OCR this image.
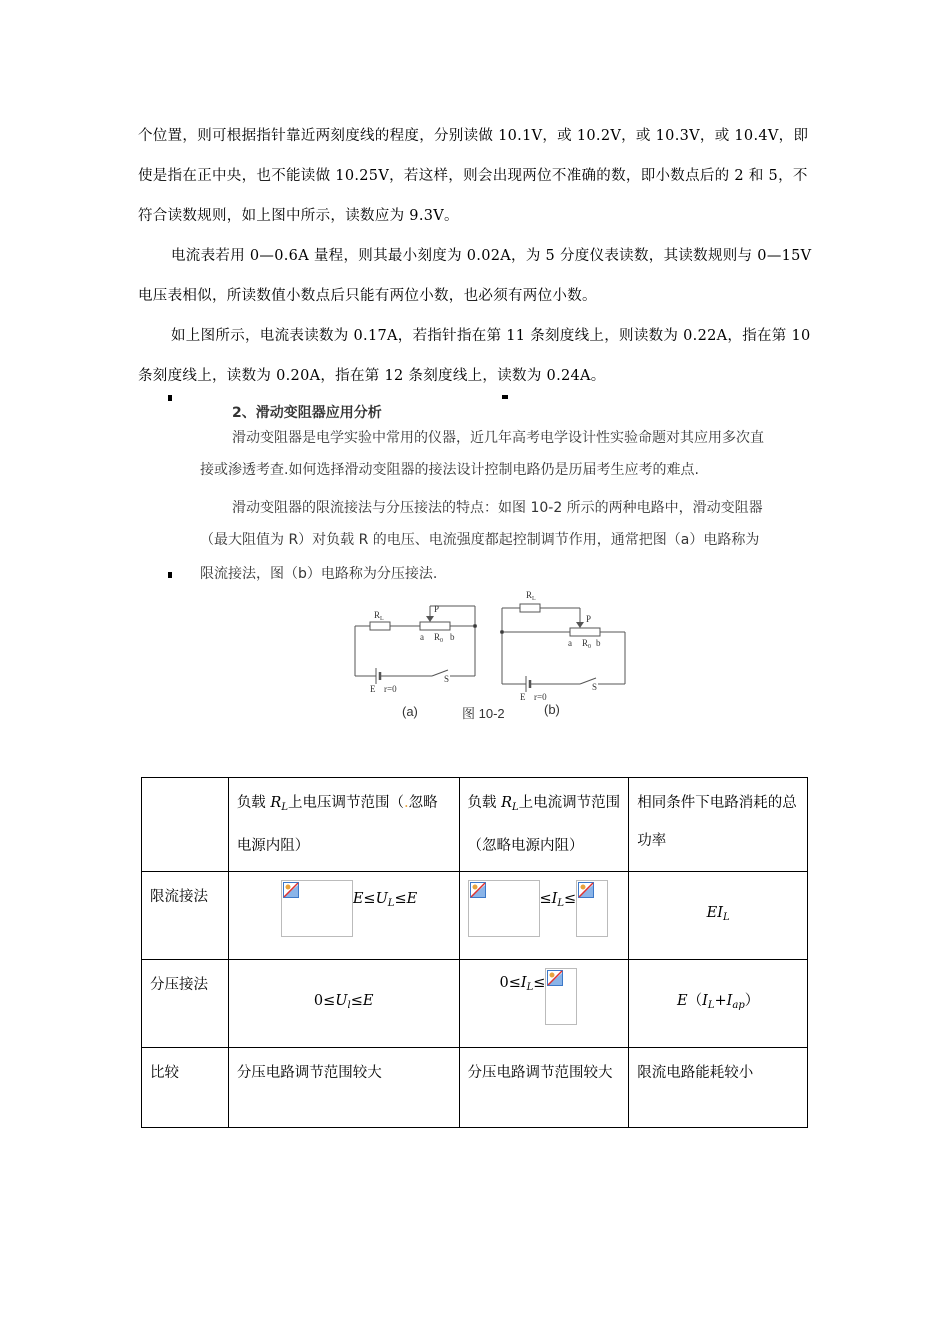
个位置，则可根据指针靠近两刻度线的程度，分别读做 10.1V，或 10.2V，或 10.3V，或 10.4V，即使是指在正中央，也不能读做 10.25V，若这样，则会出现两位不准确的数，即小数点后的 2 和 5，不符合读数规则，如上图中所示，读数应为 9.3V。

电流表若用 0—0.6A 量程，则其最小刻度为 0.02A，为 5 分度仪表读数，其读数规则与 0—15V 电压表相似，所读数值小数点后只能有两位小数，也必须有两位小数。

如上图所示，电流表读数为 0.17A，若指针指在第 11 条刻度线上，则读数为 0.22A，指在第 10 条刻度线上，读数为 0.20A，指在第 12 条刻度线上，读数为 0.24A。

2、滑动变阻器应用分析

滑动变阻器是电学实验中常用的仪器，近几年高考电学设计性实验命题对其应用多次直

接或渗透考查.如何选择滑动变阻器的接法设计控制电路仍是历届考生应考的难点.

滑动变阻器的限流接法与分压接法的特点：如图 10-2 所示的两种电路中，滑动变阻器

（最大阻值为 R）对负载 R 的电压、电流强度都起控制调节作用，通常把图（a）电路称为

限流接法，图（b）电路称为分压接法.

$R_L$
P
a $R_0$ b
E r=0
S
(a)	图 10-2
$R_L$
P
a $R_0$ b
E r=0
S
(b)
	负载 $R_L$上电压调节范围（.忽略电源内阻）	负载 $R_L$上电流调节范围（忽略电源内阻）	相同条件下电路消耗的总功率
限流接法	$E\le U_L\le E$	$\le I_L\le$	$EI_L$
分压接法	$0\le U_l\le E$	$0\le I_L\le$	$E(I_L+I_{ap})$
比较	分压电路调节范围较大	分压电路调节范围较大	限流电路能耗较小
